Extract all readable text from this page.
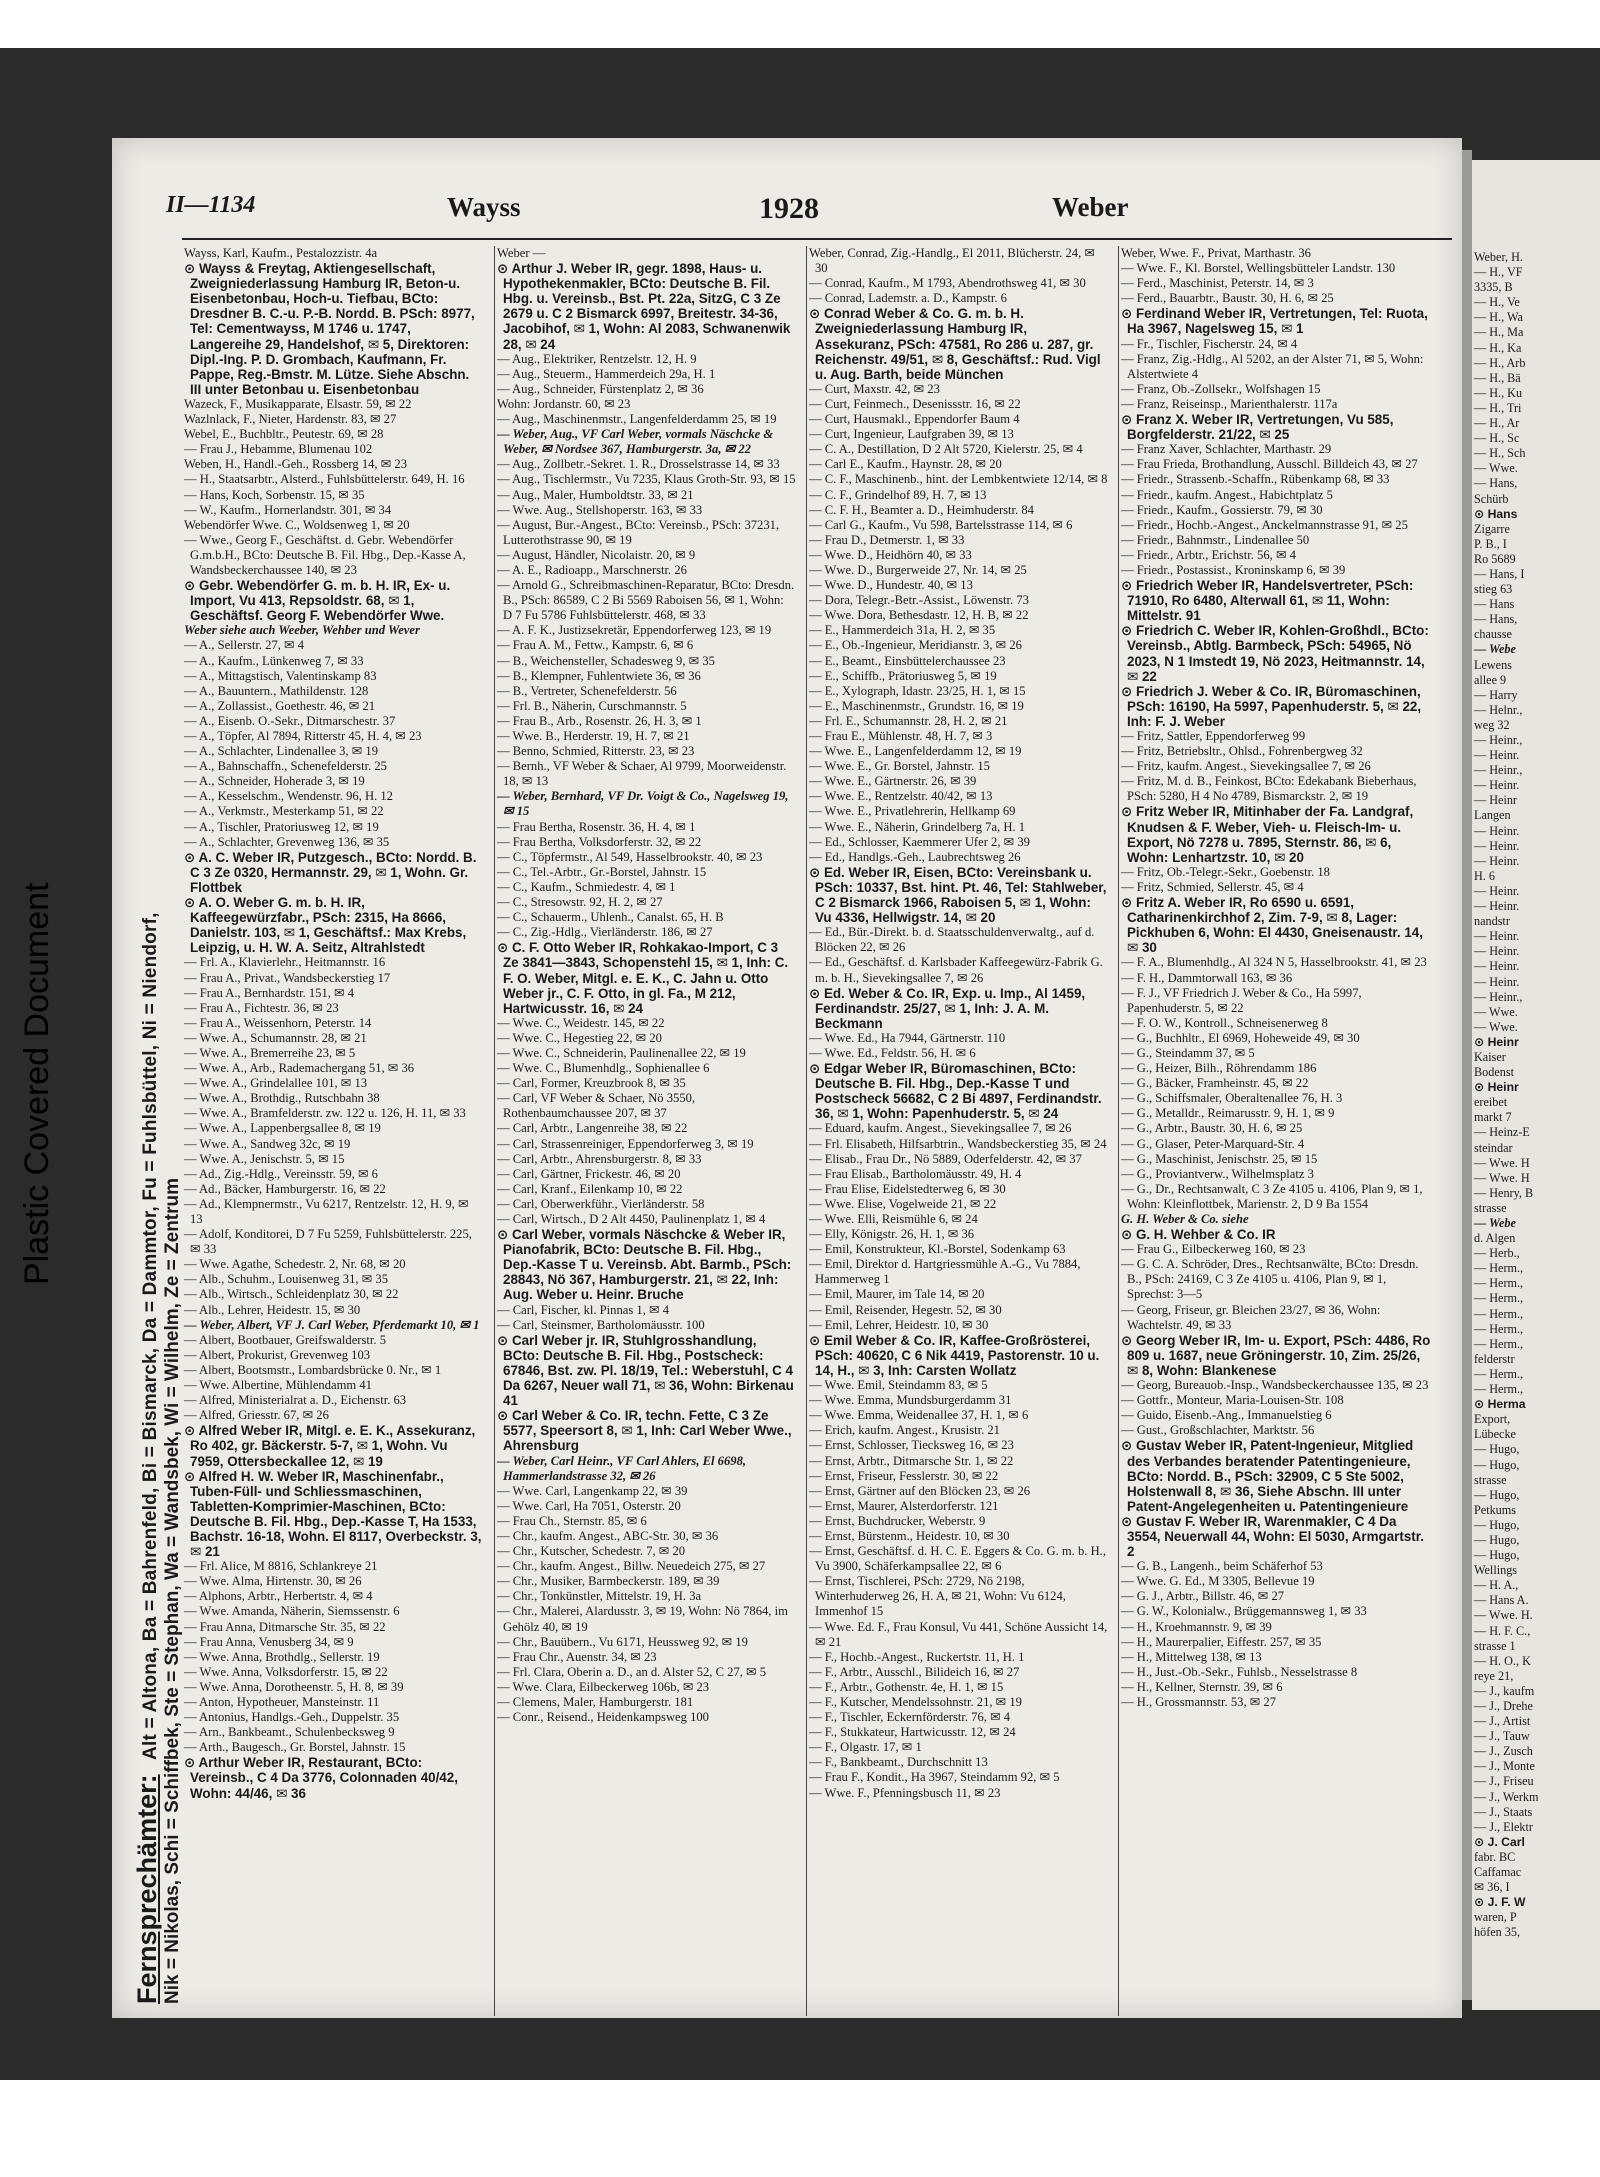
Plastic Covered Document
II—1134	Wayss	1928	Weber
Fernsprechämter: Alt = Altona, Ba = Bahrenfeld, Bi = Bismarck, Da = Dammtor, Fu = Fuhlsbüttel, Ni = Niendorf, Nik = Nikolas, Schi = Schiffbek, Ste = Stephan, Wa = Wandsbek, Wi = Wilhelm, Ze = Zentrum

Wayss, Karl, Kaufm., Pestalozzistr. 4a

⊙ Wayss & Freytag, Aktiengesellschaft, Zweigniederlassung Hamburg IR, Beton-u. Eisenbetonbau, Hoch-u. Tiefbau, BCto: Dresdner B. C.-u. P.-B. Nordd. B. PSch: 8977, Tel: Cementwayss, M 1746 u. 1747, Langereihe 29, Handelshof, ✉ 5, Direktoren: Dipl.-Ing. P. D. Grombach, Kaufmann, Fr. Pappe, Reg.-Bmstr. M. Lütze. Siehe Abschn. III unter Betonbau u. Eisenbetonbau

Wazeck, F., Musikapparate, Elsastr. 59, ✉ 22

Wazlnlack, F., Nieter, Hardenstr. 83, ✉ 27

Webel, E., Buchbltr., Peutestr. 69, ✉ 28

— Frau J., Hebamme, Blumenau 102

Weben, H., Handl.-Geh., Rossberg 14, ✉ 23

— H., Staatsarbtr., Alsterd., Fuhlsbüttelerstr. 649, H. 16

— Hans, Koch, Sorbenstr. 15, ✉ 35

— W., Kaufm., Hornerlandstr. 301, ✉ 34

Webendörfer Wwe. C., Woldsenweg 1, ✉ 20

— Wwe., Georg F., Geschäftst. d. Gebr. Webendörfer G.m.b.H., BCto: Deutsche B. Fil. Hbg., Dep.-Kasse A, Wandsbeckerchaussee 140, ✉ 23

⊙ Gebr. Webendörfer G. m. b. H. IR, Ex- u. Import, Vu 413, Repsoldstr. 68, ✉ 1, Geschäftsf. Georg F. Webendörfer Wwe.

Weber siehe auch Weeber, Wehber und Wever

— A., Sellerstr. 27, ✉ 4

— A., Kaufm., Lünkenweg 7, ✉ 33

— A., Mittagstisch, Valentinskamp 83

— A., Bauuntern., Mathildenstr. 128

— A., Zollassist., Goethestr. 46, ✉ 21

— A., Eisenb. O.-Sekr., Ditmarschestr. 37

— A., Töpfer, Al 7894, Ritterstr 45, H. 4, ✉ 23

— A., Schlachter, Lindenallee 3, ✉ 19

— A., Bahnschaffn., Schenefelderstr. 25

— A., Schneider, Hoherade 3, ✉ 19

— A., Kesselschm., Wendenstr. 96, H. 12

— A., Verkmstr., Mesterkamp 51, ✉ 22

— A., Tischler, Pratoriusweg 12, ✉ 19

— A., Schlachter, Grevenweg 136, ✉ 35

⊙ A. C. Weber IR, Putzgesch., BCto: Nordd. B. C 3 Ze 0320, Hermannstr. 29, ✉ 1, Wohn. Gr. Flottbek

⊙ A. O. Weber G. m. b. H. IR, Kaffeegewürzfabr., PSch: 2315, Ha 8666, Danielstr. 103, ✉ 1, Geschäftsf.: Max Krebs, Leipzig, u. H. W. A. Seitz, Altrahlstedt

— Frl. A., Klavierlehr., Heitmannstr. 16

— Frau A., Privat., Wandsbeckerstieg 17

— Frau A., Bernhardstr. 151, ✉ 4

— Frau A., Fichtestr. 36, ✉ 23

— Frau A., Weissenhorn, Peterstr. 14

— Wwe. A., Schumannstr. 28, ✉ 21

— Wwe. A., Bremerreihe 23, ✉ 5

— Wwe. A., Arb., Rademachergang 51, ✉ 36

— Wwe. A., Grindelallee 101, ✉ 13

— Wwe. A., Brothdig., Rutschbahn 38

— Wwe. A., Bramfelderstr. zw. 122 u. 126, H. 11, ✉ 33

— Wwe. A., Lappenbergsallee 8, ✉ 19

— Wwe. A., Sandweg 32c, ✉ 19

— Wwe. A., Jenischstr. 5, ✉ 15

— Ad., Zig.-Hdlg., Vereinsstr. 59, ✉ 6

— Ad., Bäcker, Hamburgerstr. 16, ✉ 22

— Ad., Klempnermstr., Vu 6217, Rentzelstr. 12, H. 9, ✉ 13

— Adolf, Konditorei, D 7 Fu 5259, Fuhlsbüttelerstr. 225, ✉ 33

— Wwe. Agathe, Schedestr. 2, Nr. 68, ✉ 20

— Alb., Schuhm., Louisenweg 31, ✉ 35

— Alb., Wirtsch., Schleidenplatz 30, ✉ 22

— Alb., Lehrer, Heidestr. 15, ✉ 30

— Weber, Albert, VF J. Carl Weber, Pferdemarkt 10, ✉ 1

— Albert, Bootbauer, Greifswalderstr. 5

— Albert, Prokurist, Grevenweg 103

— Albert, Bootsmstr., Lombardsbrücke 0. Nr., ✉ 1

— Wwe. Albertine, Mühlendamm 41

— Alfred, Ministerialrat a. D., Eichenstr. 63

— Alfred, Griesstr. 67, ✉ 26

⊙ Alfred Weber IR, Mitgl. e. E. K., Assekuranz, Ro 402, gr. Bäckerstr. 5-7, ✉ 1, Wohn. Vu 7959, Ottersbeckallee 12, ✉ 19

⊙ Alfred H. W. Weber IR, Maschinenfabr., Tuben-Füll- und Schliessmaschinen, Tabletten-Komprimier-Maschinen, BCto: Deutsche B. Fil. Hbg., Dep.-Kasse T, Ha 1533, Bachstr. 16-18, Wohn. El 8117, Overbeckstr. 3, ✉ 21

— Frl. Alice, M 8816, Schlankreye 21

— Wwe. Alma, Hirtenstr. 30, ✉ 26

— Alphons, Arbtr., Herbertstr. 4, ✉ 4

— Wwe. Amanda, Näherin, Siemssenstr. 6

— Frau Anna, Ditmarsche Str. 35, ✉ 22

— Frau Anna, Venusberg 34, ✉ 9

— Wwe. Anna, Brothdlg., Sellerstr. 19

— Wwe. Anna, Volksdorferstr. 15, ✉ 22

— Wwe. Anna, Dorotheenstr. 5, H. 8, ✉ 39

— Anton, Hypotheuer, Mansteinstr. 11

— Antonius, Handlgs.-Geh., Duppelstr. 35

— Arn., Bankbeamt., Schulenbecksweg 9

— Arth., Baugesch., Gr. Borstel, Jahnstr. 15

⊙ Arthur Weber IR, Restaurant, BCto: Vereinsb., C 4 Da 3776, Colonnaden 40/42, Wohn: 44/46, ✉ 36

Weber —

⊙ Arthur J. Weber IR, gegr. 1898, Haus- u. Hypothekenmakler, BCto: Deutsche B. Fil. Hbg. u. Vereinsb., Bst. Pt. 22a, SitzG, C 3 Ze 2679 u. C 2 Bismarck 6997, Breitestr. 34-36, Jacobihof, ✉ 1, Wohn: Al 2083, Schwanenwik 28, ✉ 24

— Aug., Elektriker, Rentzelstr. 12, H. 9

— Aug., Steuerm., Hammerdeich 29a, H. 1

— Aug., Schneider, Fürstenplatz 2, ✉ 36

Wohn: Jordanstr. 60, ✉ 23

— Aug., Maschinenmstr., Langenfelderdamm 25, ✉ 19

— Weber, Aug., VF Carl Weber, vormals Näschcke & Weber, ✉ Nordsee 367, Hamburgerstr. 3a, ✉ 22

— Aug., Zollbetr.-Sekret. 1. R., Drosselstrasse 14, ✉ 33

— Aug., Tischlermstr., Vu 7235, Klaus Groth-Str. 93, ✉ 15

— Aug., Maler, Humboldtstr. 33, ✉ 21

— Wwe. Aug., Stellshoperstr. 163, ✉ 33

— August, Bur.-Angest., BCto: Vereinsb., PSch: 37231, Lutterothstrasse 90, ✉ 19

— August, Händler, Nicolaistr. 20, ✉ 9

— A. E., Radioapp., Marschnerstr. 26

— Arnold G., Schreibmaschinen-Reparatur, BCto: Dresdn. B., PSch: 86589, C 2 Bi 5569 Raboisen 56, ✉ 1, Wohn: D 7 Fu 5786 Fuhlsbüttelerstr. 468, ✉ 33

— A. F. K., Justizsekretär, Eppendorferweg 123, ✉ 19

— Frau A. M., Fettw., Kampstr. 6, ✉ 6

— B., Weichensteller, Schadesweg 9, ✉ 35

— B., Klempner, Fuhlentwiete 36, ✉ 36

— B., Vertreter, Schenefelderstr. 56

— Frl. B., Näherin, Curschmannstr. 5

— Frau B., Arb., Rosenstr. 26, H. 3, ✉ 1

— Wwe. B., Herderstr. 19, H. 7, ✉ 21

— Benno, Schmied, Ritterstr. 23, ✉ 23

— Bernh., VF Weber & Schaer, Al 9799, Moorweidenstr. 18, ✉ 13

— Weber, Bernhard, VF Dr. Voigt & Co., Nagelsweg 19, ✉ 15

— Frau Bertha, Rosenstr. 36, H. 4, ✉ 1

— Frau Bertha, Volksdorferstr. 32, ✉ 22

— C., Töpfermstr., Al 549, Hasselbrookstr. 40, ✉ 23

— C., Tel.-Arbtr., Gr.-Borstel, Jahnstr. 15

— C., Kaufm., Schmiedestr. 4, ✉ 1

— C., Stresowstr. 92, H. 2, ✉ 27

— C., Schauerm., Uhlenh., Canalst. 65, H. B

— C., Zig.-Hdlg., Vierländerstr. 186, ✉ 27

⊙ C. F. Otto Weber IR, Rohkakao-Import, C 3 Ze 3841—3843, Schopenstehl 15, ✉ 1, Inh: C. F. O. Weber, Mitgl. e. E. K., C. Jahn u. Otto Weber jr., C. F. Otto, in gl. Fa., M 212, Hartwicusstr. 16, ✉ 24

— Wwe. C., Weidestr. 145, ✉ 22

— Wwe. C., Hegestieg 22, ✉ 20

— Wwe. C., Schneiderin, Paulinenallee 22, ✉ 19

— Wwe. C., Blumenhdlg., Sophienallee 6

— Carl, Former, Kreuzbrook 8, ✉ 35

— Carl, VF Weber & Schaer, Nö 3550, Rothenbaumchaussee 207, ✉ 37

— Carl, Arbtr., Langenreihe 38, ✉ 22

— Carl, Strassenreiniger, Eppendorferweg 3, ✉ 19

— Carl, Arbtr., Ahrensburgerstr. 8, ✉ 33

— Carl, Gärtner, Frickestr. 46, ✉ 20

— Carl, Kranf., Eilenkamp 10, ✉ 22

— Carl, Oberwerkführ., Vierländerstr. 58

— Carl, Wirtsch., D 2 Alt 4450, Paulinenplatz 1, ✉ 4

⊙ Carl Weber, vormals Näschcke & Weber IR, Pianofabrik, BCto: Deutsche B. Fil. Hbg., Dep.-Kasse T u. Vereinsb. Abt. Barmb., PSch: 28843, Nö 367, Hamburgerstr. 21, ✉ 22, Inh: Aug. Weber u. Heinr. Bruche

— Carl, Fischer, kl. Pinnas 1, ✉ 4

— Carl, Steinsmer, Bartholomäusstr. 100

⊙ Carl Weber jr. IR, Stuhlgrosshandlung, BCto: Deutsche B. Fil. Hbg., Postscheck: 67846, Bst. zw. Pl. 18/19, Tel.: Weberstuhl, C 4 Da 6267, Neuer wall 71, ✉ 36, Wohn: Birkenau 41

⊙ Carl Weber & Co. IR, techn. Fette, C 3 Ze 5577, Speersort 8, ✉ 1, Inh: Carl Weber Wwe., Ahrensburg

— Weber, Carl Heinr., VF Carl Ahlers, El 6698, Hammerlandstrasse 32, ✉ 26

— Wwe. Carl, Langenkamp 22, ✉ 39

— Wwe. Carl, Ha 7051, Osterstr. 20

— Frau Ch., Sternstr. 85, ✉ 6

— Chr., kaufm. Angest., ABC-Str. 30, ✉ 36

— Chr., Kutscher, Schedestr. 7, ✉ 20

— Chr., kaufm. Angest., Billw. Neuedeich 275, ✉ 27

— Chr., Musiker, Barmbeckerstr. 189, ✉ 39

— Chr., Tonkünstler, Mittelstr. 19, H. 3a

— Chr., Malerei, Alardusstr. 3, ✉ 19, Wohn: Nö 7864, im Gehölz 40, ✉ 19

— Chr., Bauübern., Vu 6171, Heussweg 92, ✉ 19

— Frau Chr., Auenstr. 34, ✉ 23

— Frl. Clara, Oberin a. D., an d. Alster 52, C 27, ✉ 5

— Wwe. Clara, Eilbeckerweg 106b, ✉ 23

— Clemens, Maler, Hamburgerstr. 181

— Conr., Reisend., Heidenkampsweg 100

Weber, Conrad, Zig.-Handlg., El 2011, Blücherstr. 24, ✉ 30

— Conrad, Kaufm., M 1793, Abendrothsweg 41, ✉ 30

— Conrad, Lademstr. a. D., Kampstr. 6

⊙ Conrad Weber & Co. G. m. b. H. Zweigniederlassung Hamburg IR, Assekuranz, PSch: 47581, Ro 286 u. 287, gr. Reichenstr. 49/51, ✉ 8, Geschäftsf.: Rud. Vigl u. Aug. Barth, beide München

— Curt, Maxstr. 42, ✉ 23

— Curt, Feinmech., Desenissstr. 16, ✉ 22

— Curt, Hausmakl., Eppendorfer Baum 4

— Curt, Ingenieur, Laufgraben 39, ✉ 13

— C. A., Destillation, D 2 Alt 5720, Kielerstr. 25, ✉ 4

— Carl E., Kaufm., Haynstr. 28, ✉ 20

— C. F., Maschinenb., hint. der Lembkentwiete 12/14, ✉ 8

— C. F., Grindelhof 89, H. 7, ✉ 13

— C. F. H., Beamter a. D., Heimhuderstr. 84

— Carl G., Kaufm., Vu 598, Bartelsstrasse 114, ✉ 6

— Frau D., Detmerstr. 1, ✉ 33

— Wwe. D., Heidhörn 40, ✉ 33

— Wwe. D., Burgerweide 27, Nr. 14, ✉ 25

— Wwe. D., Hundestr. 40, ✉ 13

— Dora, Telegr.-Betr.-Assist., Löwenstr. 73

— Wwe. Dora, Bethesdastr. 12, H. B, ✉ 22

— E., Hammerdeich 31a, H. 2, ✉ 35

— E., Ob.-Ingenieur, Meridianstr. 3, ✉ 26

— E., Beamt., Einsbüttelerchaussee 23

— E., Schiffb., Prätoriusweg 5, ✉ 19

— E., Xylograph, Idastr. 23/25, H. 1, ✉ 15

— E., Maschinenmstr., Grundstr. 16, ✉ 19

— Frl. E., Schumannstr. 28, H. 2, ✉ 21

— Frau E., Mühlenstr. 48, H. 7, ✉ 3

— Wwe. E., Langenfelderdamm 12, ✉ 19

— Wwe. E., Gr. Borstel, Jahnstr. 15

— Wwe. E., Gärtnerstr. 26, ✉ 39

— Wwe. E., Rentzelstr. 40/42, ✉ 13

— Wwe. E., Privatlehrerin, Hellkamp 69

— Wwe. E., Näherin, Grindelberg 7a, H. 1

— Ed., Schlosser, Kaemmerer Ufer 2, ✉ 39

— Ed., Handlgs.-Geh., Laubrechtsweg 26

⊙ Ed. Weber IR, Eisen, BCto: Vereinsbank u. PSch: 10337, Bst. hint. Pt. 46, Tel: Stahlweber, C 2 Bismarck 1966, Raboisen 5, ✉ 1, Wohn: Vu 4336, Hellwigstr. 14, ✉ 20

— Ed., Bür.-Direkt. b. d. Staatsschuldenverwaltg., auf d. Blöcken 22, ✉ 26

— Ed., Geschäftsf. d. Karlsbader Kaffeegewürz-Fabrik G. m. b. H., Sievekingsallee 7, ✉ 26

⊙ Ed. Weber & Co. IR, Exp. u. Imp., Al 1459, Ferdinandstr. 25/27, ✉ 1, Inh: J. A. M. Beckmann

— Wwe. Ed., Ha 7944, Gärtnerstr. 110

— Wwe. Ed., Feldstr. 56, H. ✉ 6

⊙ Edgar Weber IR, Büromaschinen, BCto: Deutsche B. Fil. Hbg., Dep.-Kasse T und Postscheck 56682, C 2 Bi 4897, Ferdinandstr. 36, ✉ 1, Wohn: Papenhuderstr. 5, ✉ 24

— Eduard, kaufm. Angest., Sievekingsallee 7, ✉ 26

— Frl. Elisabeth, Hilfsarbtrin., Wandsbeckerstieg 35, ✉ 24

— Elisab., Frau Dr., Nö 5889, Oderfelderstr. 42, ✉ 37

— Frau Elisab., Bartholomäusstr. 49, H. 4

— Frau Elise, Eidelstedterweg 6, ✉ 30

— Wwe. Elise, Vogelweide 21, ✉ 22

— Wwe. Elli, Reismühle 6, ✉ 24

— Elly, Königstr. 26, H. 1, ✉ 36

— Emil, Konstrukteur, Kl.-Borstel, Sodenkamp 63

— Emil, Direktor d. Hartgriessmühle A.-G., Vu 7884, Hammerweg 1

— Emil, Maurer, im Tale 14, ✉ 20

— Emil, Reisender, Hegestr. 52, ✉ 30

— Emil, Lehrer, Heidestr. 10, ✉ 30

⊙ Emil Weber & Co. IR, Kaffee-Großrösterei, PSch: 40620, C 6 Nik 4419, Pastorenstr. 10 u. 14, H., ✉ 3, Inh: Carsten Wollatz

— Wwe. Emil, Steindamm 83, ✉ 5

— Wwe. Emma, Mundsburgerdamm 31

— Wwe. Emma, Weidenallee 37, H. 1, ✉ 6

— Erich, kaufm. Angest., Krusistr. 21

— Ernst, Schlosser, Tiecksweg 16, ✉ 23

— Ernst, Arbtr., Ditmarsche Str. 1, ✉ 22

— Ernst, Friseur, Fesslerstr. 30, ✉ 22

— Ernst, Gärtner auf den Blöcken 23, ✉ 26

— Ernst, Maurer, Alsterdorferstr. 121

— Ernst, Buchdrucker, Weberstr. 9

— Ernst, Bürstenm., Heidestr. 10, ✉ 30

— Ernst, Geschäftsf. d. H. C. E. Eggers & Co. G. m. b. H., Vu 3900, Schäferkampsallee 22, ✉ 6

— Ernst, Tischlerei, PSch: 2729, Nö 2198, Winterhuderweg 26, H. A, ✉ 21, Wohn: Vu 6124, Immenhof 15

— Wwe. Ed. F., Frau Konsul, Vu 441, Schöne Aussicht 14, ✉ 21

— F., Hochb.-Angest., Ruckertstr. 11, H. 1

— F., Arbtr., Ausschl., Bilideich 16, ✉ 27

— F., Arbtr., Gothenstr. 4e, H. 1, ✉ 15

— F., Kutscher, Mendelssohnstr. 21, ✉ 19

— F., Tischler, Eckernförderstr. 76, ✉ 4

— F., Stukkateur, Hartwicusstr. 12, ✉ 24

— F., Olgastr. 17, ✉ 1

— F., Bankbeamt., Durchschnitt 13

— Frau F., Kondit., Ha 3967, Steindamm 92, ✉ 5

— Wwe. F., Pfenningsbusch 11, ✉ 23

Weber, Wwe. F., Privat, Marthastr. 36

— Wwe. F., Kl. Borstel, Wellingsbütteler Landstr. 130

— Ferd., Maschinist, Peterstr. 14, ✉ 3

— Ferd., Bauarbtr., Baustr. 30, H. 6, ✉ 25

⊙ Ferdinand Weber IR, Vertretungen, Tel: Ruota, Ha 3967, Nagelsweg 15, ✉ 1

— Fr., Tischler, Fischerstr. 24, ✉ 4

— Franz, Zig.-Hdlg., Al 5202, an der Alster 71, ✉ 5, Wohn: Alstertwiete 4

— Franz, Ob.-Zollsekr., Wolfshagen 15

— Franz, Reiseinsp., Marienthalerstr. 117a

⊙ Franz X. Weber IR, Vertretungen, Vu 585, Borgfelderstr. 21/22, ✉ 25

— Franz Xaver, Schlachter, Marthastr. 29

— Frau Frieda, Brothandlung, Ausschl. Billdeich 43, ✉ 27

— Friedr., Strassenb.-Schaffn., Rübenkamp 68, ✉ 33

— Friedr., kaufm. Angest., Habichtplatz 5

— Friedr., Kaufm., Gossierstr. 79, ✉ 30

— Friedr., Hochb.-Angest., Anckelmannstrasse 91, ✉ 25

— Friedr., Bahnmstr., Lindenallee 50

— Friedr., Arbtr., Erichstr. 56, ✉ 4

— Friedr., Postassist., Kroninskamp 6, ✉ 39

⊙ Friedrich Weber IR, Handelsvertreter, PSch: 71910, Ro 6480, Alterwall 61, ✉ 11, Wohn: Mittelstr. 91

⊙ Friedrich C. Weber IR, Kohlen-Großhdl., BCto: Vereinsb., Abtlg. Barmbeck, PSch: 54965, Nö 2023, N 1 Imstedt 19, Nö 2023, Heitmannstr. 14, ✉ 22

⊙ Friedrich J. Weber & Co. IR, Büromaschinen, PSch: 16190, Ha 5997, Papenhuderstr. 5, ✉ 22, Inh: F. J. Weber

— Fritz, Sattler, Eppendorferweg 99

— Fritz, Betriebsltr., Ohlsd., Fohrenbergweg 32

— Fritz, kaufm. Angest., Sievekingsallee 7, ✉ 26

— Fritz, M. d. B., Feinkost, BCto: Edekabank Bieberhaus, PSch: 5280, H 4 No 4789, Bismarckstr. 2, ✉ 19

⊙ Fritz Weber IR, Mitinhaber der Fa. Landgraf, Knudsen & F. Weber, Vieh- u. Fleisch-Im- u. Export, Nö 7278 u. 7895, Sternstr. 86, ✉ 6, Wohn: Lenhartzstr. 10, ✉ 20

— Fritz, Ob.-Telegr.-Sekr., Goebenstr. 18

— Fritz, Schmied, Sellerstr. 45, ✉ 4

⊙ Fritz A. Weber IR, Ro 6590 u. 6591, Catharinenkirchhof 2, Zim. 7-9, ✉ 8, Lager: Pickhuben 6, Wohn: El 4430, Gneisenaustr. 14, ✉ 30

— F. A., Blumenhdlg., Al 324 N 5, Hasselbrookstr. 41, ✉ 23

— F. H., Dammtorwall 163, ✉ 36

— F. J., VF Friedrich J. Weber & Co., Ha 5997, Papenhuderstr. 5, ✉ 22

— F. O. W., Kontroll., Schneisenerweg 8

— G., Buchhltr., El 6969, Hoheweide 49, ✉ 30

— G., Steindamm 37, ✉ 5

— G., Heizer, Bilh., Röhrendamm 186

— G., Bäcker, Framheinstr. 45, ✉ 22

— G., Schiffsmaler, Oberaltenallee 76, H. 3

— G., Metalldr., Reimarusstr. 9, H. 1, ✉ 9

— G., Arbtr., Baustr. 30, H. 6, ✉ 25

— G., Glaser, Peter-Marquard-Str. 4

— G., Maschinist, Jenischstr. 25, ✉ 15

— G., Proviantverw., Wilhelmsplatz 3

— G., Dr., Rechtsanwalt, C 3 Ze 4105 u. 4106, Plan 9, ✉ 1, Wohn: Kleinflottbek, Marienstr. 2, D 9 Ba 1554

G. H. Weber & Co. siehe

⊙ G. H. Wehber & Co. IR

— Frau G., Eilbeckerweg 160, ✉ 23

— G. C. A. Schröder, Dres., Rechtsanwälte, BCto: Dresdn. B., PSch: 24169, C 3 Ze 4105 u. 4106, Plan 9, ✉ 1, Sprechst: 3—5

— Georg, Friseur, gr. Bleichen 23/27, ✉ 36, Wohn: Wachtelstr. 49, ✉ 33

⊙ Georg Weber IR, Im- u. Export, PSch: 4486, Ro 809 u. 1687, neue Gröningerstr. 10, Zim. 25/26, ✉ 8, Wohn: Blankenese

— Georg, Bureauob.-Insp., Wandsbeckerchaussee 135, ✉ 23

— Gottfr., Monteur, Maria-Louisen-Str. 108

— Guido, Eisenb.-Ang., Immanuelstieg 6

— Gust., Großschlachter, Marktstr. 56

⊙ Gustav Weber IR, Patent-Ingenieur, Mitglied des Verbandes beratender Patentingenieure, BCto: Nordd. B., PSch: 32909, C 5 Ste 5002, Holstenwall 8, ✉ 36, Siehe Abschn. III unter Patent-Angelegenheiten u. Patentingenieure

⊙ Gustav F. Weber IR, Warenmakler, C 4 Da 3554, Neuerwall 44, Wohn: El 5030, Armgartstr. 2

— G. B., Langenh., beim Schäferhof 53

— Wwe. G. Ed., M 3305, Bellevue 19

— G. J., Arbtr., Billstr. 46, ✉ 27

— G. W., Kolonialw., Brüggemannsweg 1, ✉ 33

— H., Kroehmannstr. 9, ✉ 39

— H., Maurerpalier, Eiffestr. 257, ✉ 35

— H., Mittelweg 138, ✉ 13

— H., Just.-Ob.-Sekr., Fuhlsb., Nesselstrasse 8

— H., Kellner, Sternstr. 39, ✉ 6

— H., Grossmannstr. 53, ✉ 27

Weber, H.

— H., VF

3335, B

— H., Ve

— H., Wa

— H., Ma

— H., Ka

— H., Arb

— H., Bä

— H., Ku

— H., Tri

— H., Ar

— H., Sc

— H., Sch

— Wwe.

— Hans,

Schürb

⊙ Hans

Zigarre

P. B., I

Ro 5689

— Hans, I

stieg 63

— Hans

— Hans,

chausse

— Webe

Lewens

allee 9

— Harry

— Helnr.,

weg 32

— Heinr.,

— Heinr.

— Heinr.,

— Heinr.

— Heinr

Langen

— Heinr.

— Heinr.

— Heinr.

H. 6

— Heinr.

— Heinr.

nandstr

— Heinr.

— Heinr.

— Heinr.

— Heinr.

— Heinr.,

— Wwe.

— Wwe.

⊙ Heinr

Kaiser

Bodenst

⊙ Heinr

ereibet

markt 7

— Heinz-E

steindar

— Wwe. H

— Wwe. H

— Henry, B

strasse

— Webe

d. Algen

— Herb.,

— Herm.,

— Herm.,

— Herm.,

— Herm.,

— Herm.,

— Herm.,

felderstr

— Herm.,

— Herm.,

⊙ Herma

Export,

Lübecke

— Hugo,

— Hugo,

strasse

— Hugo,

Petkums

— Hugo,

— Hugo,

— Hugo,

Wellings

— H. A.,

— Hans A.

— Wwe. H.

— H. F. C.,

strasse 1

— H. O., K

reye 21,

— J., kaufm

— J., Drehe

— J., Artist

— J., Tauw

— J., Zusch

— J., Monte

— J., Friseu

— J., Werkm

— J., Staats

— J., Elektr

⊙ J. Carl

fabr. BC

Caffamac

✉ 36, I

⊙ J. F. W

waren, P

höfen 35,
